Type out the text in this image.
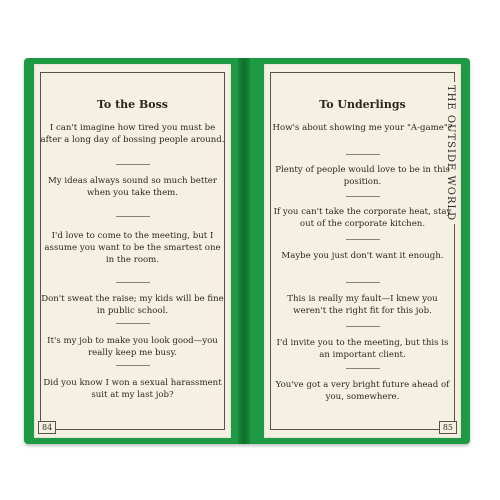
To the Boss
I can't imagine how tired you must be after a long day of bossing people around.
My ideas always sound so much better when you take them.
I'd love to come to the meeting, but I assume you want to be the smartest one in the room.
Don't sweat the raise; my kids will be fine in public school.
It's my job to make you look good—you really keep me busy.
Did you know I won a sexual harassment suit at my last job?
84
THE OUTSIDE WORLD
To Underlings
How's about showing me your "A-game"?
Plenty of people would love to be in this position.
If you can't take the corporate heat, stay out of the corporate kitchen.
Maybe you just don't want it enough.
This is really my fault—I knew you weren't the right fit for this job.
I'd invite you to the meeting, but this is an important client.
You've got a very bright future ahead of you, somewhere.
85
